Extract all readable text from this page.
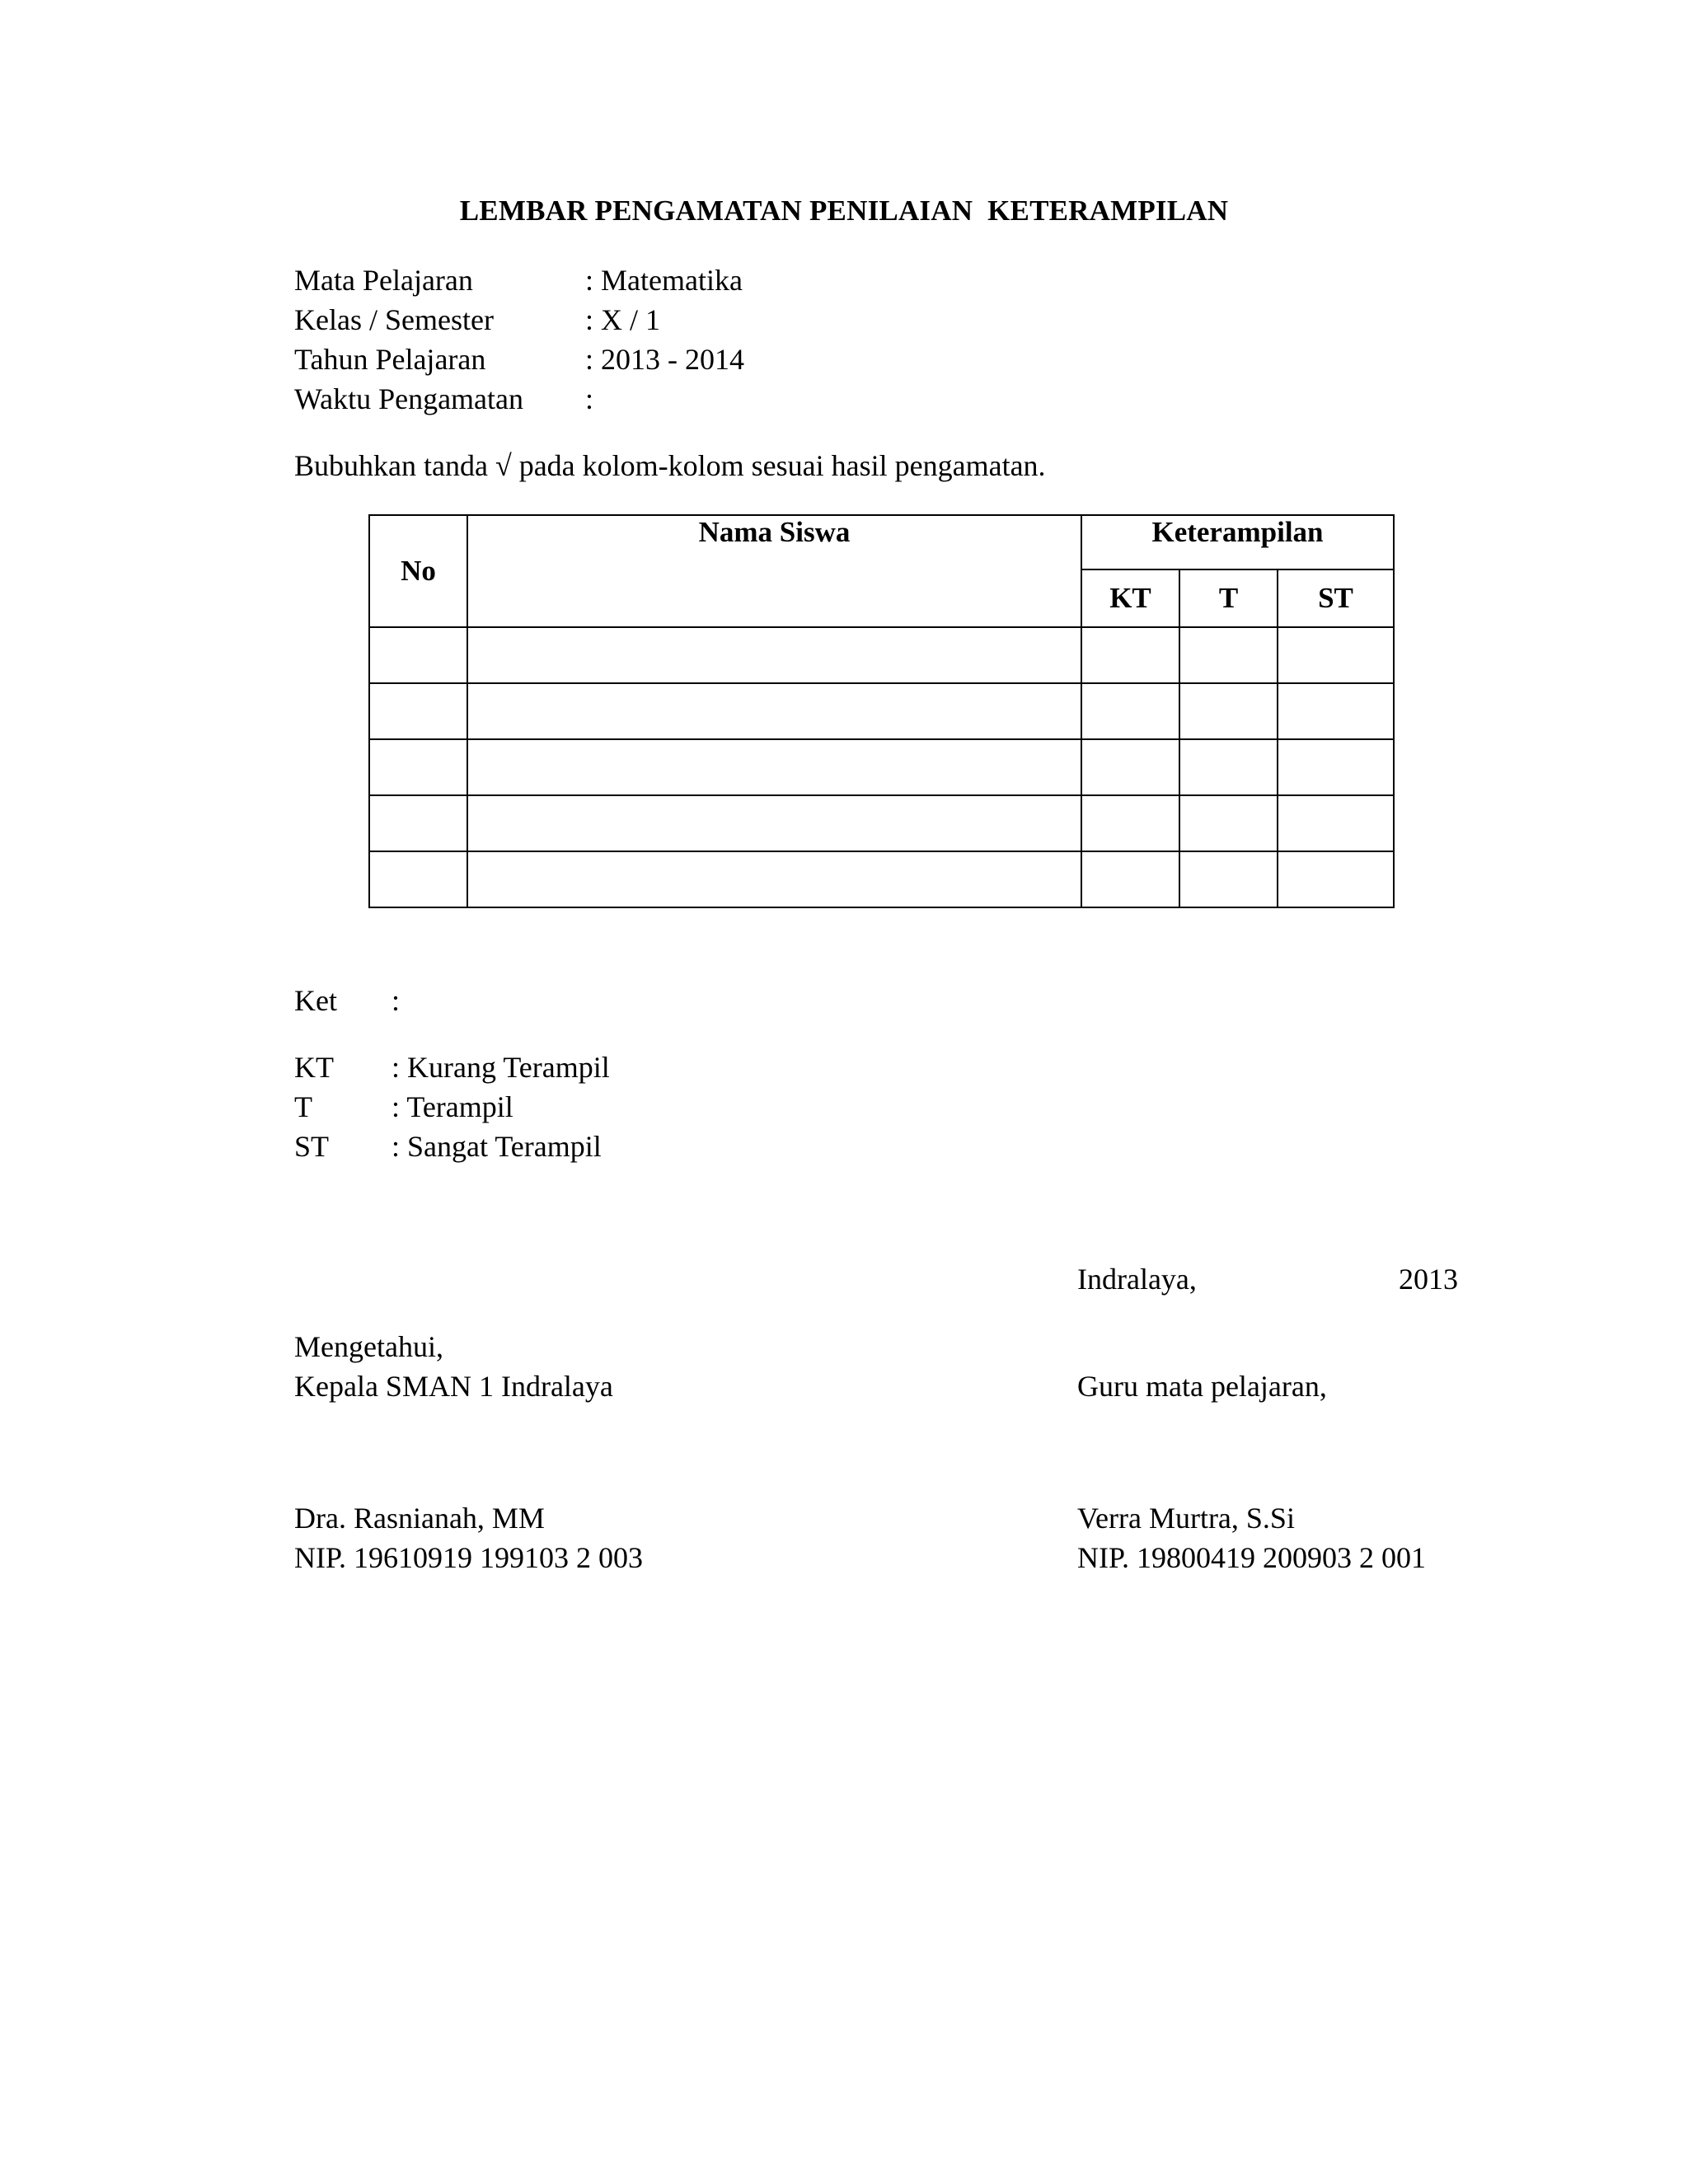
LEMBAR PENGAMATAN PENILAIAN  KETERAMPILAN
Mata Pelajaran	: Matematika
Kelas / Semester	: X / 1
Tahun Pelajaran	: 2013 - 2014
Waktu Pengamatan :
Bubuhkan tanda √ pada kolom-kolom sesuai hasil pengamatan.
No	Nama Siswa	Keterampilan		
		KT	T	ST

Ket :
KT : Kurang Terampil
T	: Terampil
ST : Sangat Terampil
Indralaya,	2013
Mengetahui,
Kepala SMAN 1 Indralaya	Guru mata pelajaran,
Dra. Rasnianah, MM
NIP. 19610919 199103 2 003
Verra Murtra, S.Si
NIP. 19800419 200903 2 001
